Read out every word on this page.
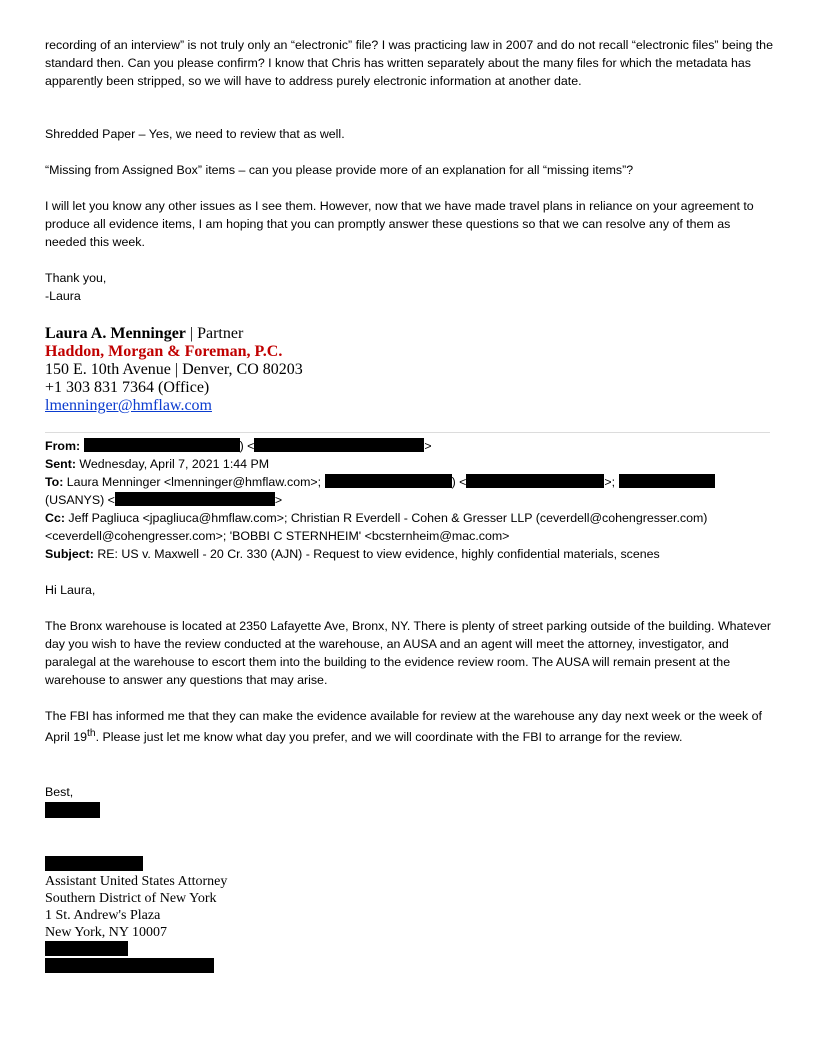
recording of an interview” is not truly only an “electronic” file? I was practicing law in 2007 and do not recall “electronic files” being the standard then. Can you please confirm? I know that Chris has written separately about the many files for which the metadata has apparently been stripped, so we will have to address purely electronic information at another date.

Shredded Paper – Yes, we need to review that as well.

“Missing from Assigned Box” items – can you please provide more of an explanation for all “missing items”?

I will let you know any other issues as I see them. However, now that we have made travel plans in reliance on your agreement to produce all evidence items, I am hoping that you can promptly answer these questions so that we can resolve any of them as needed this week.

Thank you,

-Laura

Laura A. Menninger | Partner
Haddon, Morgan & Foreman, P.C.
150 E. 10th Avenue | Denver, CO 80203
+1 303 831 7364 (Office)
lmenninger@hmflaw.com
From:	) <	>
Sent: Wednesday, April 7, 2021 1:44 PM
To: Laura Menninger <lmenninger@hmflaw.com>;	) <	>;
(USANYS) <	>
Cc: Jeff Pagliuca <jpagliuca@hmflaw.com>; Christian R Everdell - Cohen & Gresser LLP (ceverdell@cohengresser.com)
<ceverdell@cohengresser.com>; 'BOBBI C STERNHEIM' <bcsternheim@mac.com>
Subject: RE: US v. Maxwell - 20 Cr. 330 (AJN) - Request to view evidence, highly confidential materials, scenes

Hi Laura,

The Bronx warehouse is located at 2350 Lafayette Ave, Bronx, NY. There is plenty of street parking outside of the building. Whatever day you wish to have the review conducted at the warehouse, an AUSA and an agent will meet the attorney, investigator, and paralegal at the warehouse to escort them into the building to the evidence review room. The AUSA will remain present at the warehouse to answer any questions that may arise.

The FBI has informed me that they can make the evidence available for review at the warehouse any day next week or the week of April 19th. Please just let me know what day you prefer, and we will coordinate with the FBI to arrange for the review.

Best,

Assistant United States Attorney
Southern District of New York
1 St. Andrew's Plaza
New York, NY 10007
